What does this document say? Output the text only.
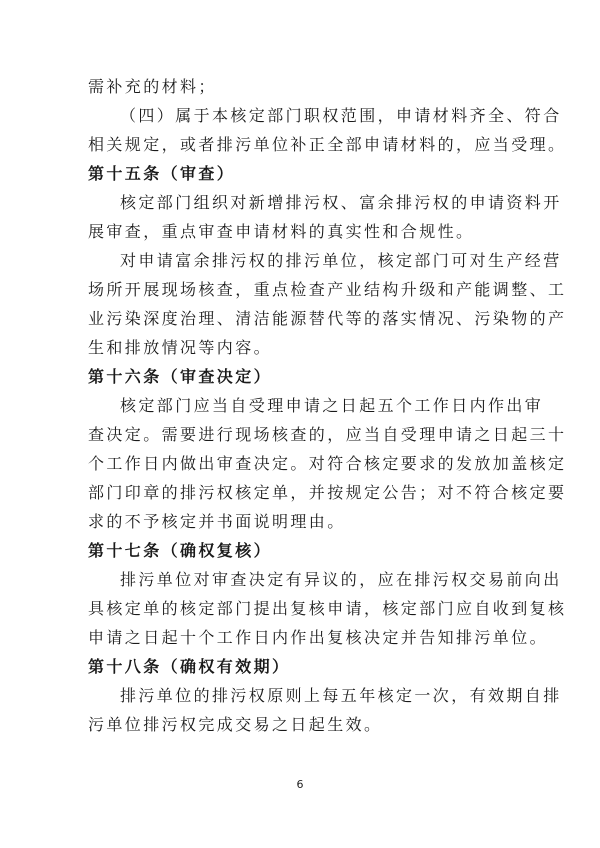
需补充的材料；
（四）属于本核定部门职权范围，申请材料齐全、符合
相关规定，或者排污单位补正全部申请材料的，应当受理。
第十五条（审查）
核定部门组织对新增排污权、富余排污权的申请资料开
展审查，重点审查申请材料的真实性和合规性。
对申请富余排污权的排污单位，核定部门可对生产经营
场所开展现场核查，重点检查产业结构升级和产能调整、工
业污染深度治理、清洁能源替代等的落实情况、污染物的产
生和排放情况等内容。
第十六条（审查决定）
核定部门应当自受理申请之日起五个工作日内作出审
查决定。需要进行现场核查的，应当自受理申请之日起三十
个工作日内做出审查决定。对符合核定要求的发放加盖核定
部门印章的排污权核定单，并按规定公告；对不符合核定要
求的不予核定并书面说明理由。
第十七条（确权复核）
排污单位对审查决定有异议的，应在排污权交易前向出
具核定单的核定部门提出复核申请，核定部门应自收到复核
申请之日起十个工作日内作出复核决定并告知排污单位。
第十八条（确权有效期）
排污单位的排污权原则上每五年核定一次，有效期自排
污单位排污权完成交易之日起生效。
6
